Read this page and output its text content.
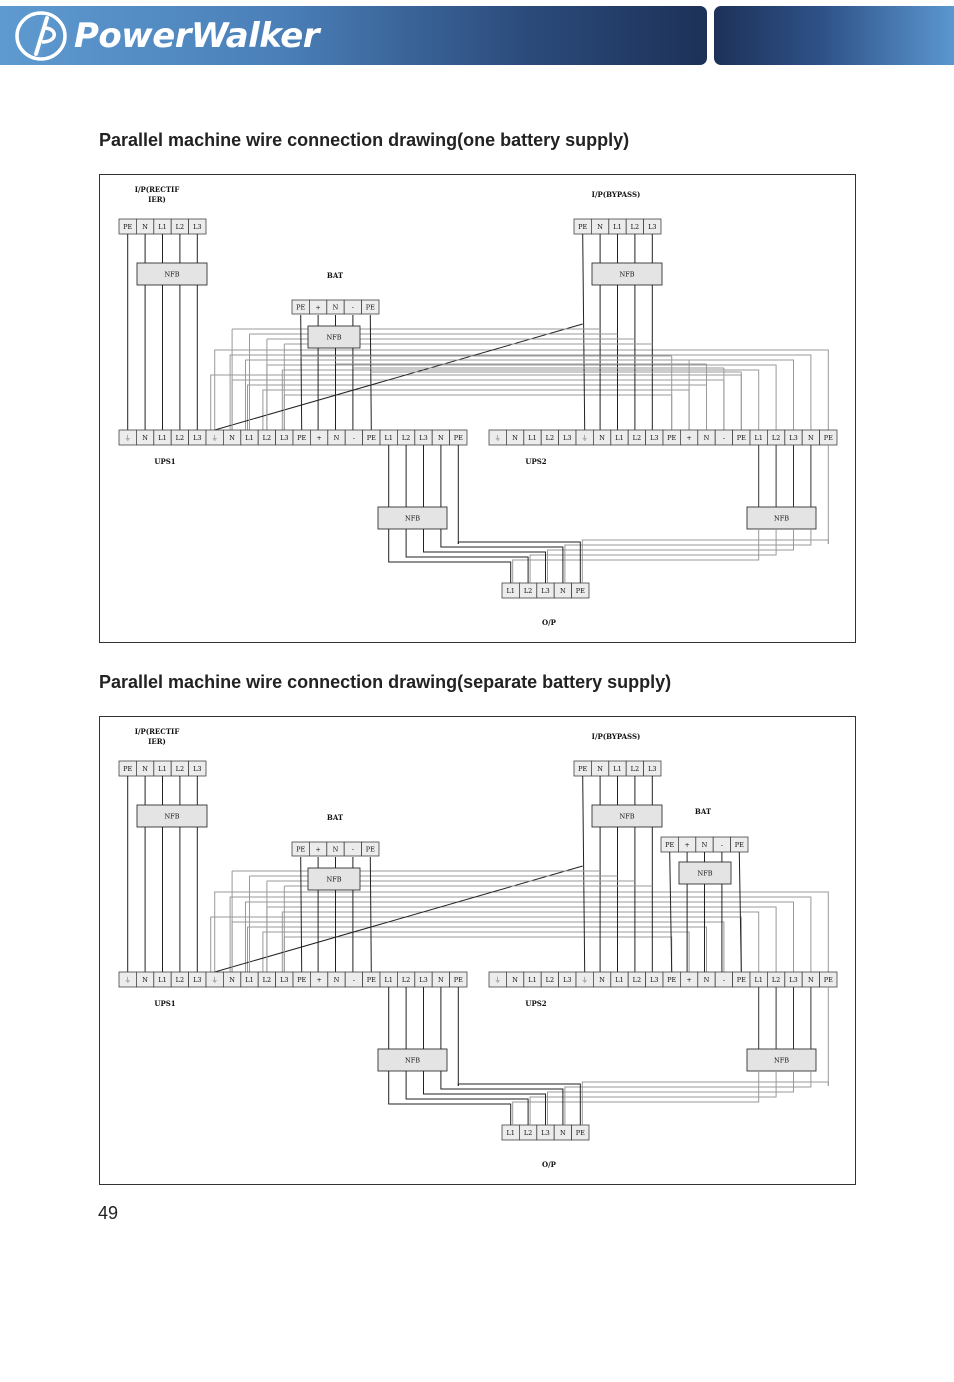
PowerWalker
Parallel machine wire connection drawing(one battery supply)
I/P(RECTIF
IER)
PE N L1 L2 L3
NFB
I/P(BYPASS)
PE N L1 L2 L3
NFB
BAT
PE + N - PE
NFB
⏚ N L1 L2 L3 ⏚ N L1 L2 L3 PE + N - PE L1 L2 L3 N PE	⏚ N L1 L2 L3 ⏚ N L1 L2 L3 PE + N - PE L1 L2 L3 N PE
UPS1	UPS2
NFB	NFB
L1 L2 L3 N PE
O/P
Parallel machine wire connection drawing(separate battery supply)
I/P(RECTIF
IER)
PE N L1 L2 L3
NFB
I/P(BYPASS)
PE N L1 L2 L3
NFB
BAT
PE + N - PE
NFB
BAT
PE + N - PE
NFB
⏚ N L1 L2 L3 ⏚ N L1 L2 L3 PE + N - PE L1 L2 L3 N PE	⏚ N L1 L2 L3 ⏚ N L1 L2 L3 PE + N - PE L1 L2 L3 N PE
UPS1	UPS2
NFB	NFB
L1 L2 L3 N PE
O/P
49
